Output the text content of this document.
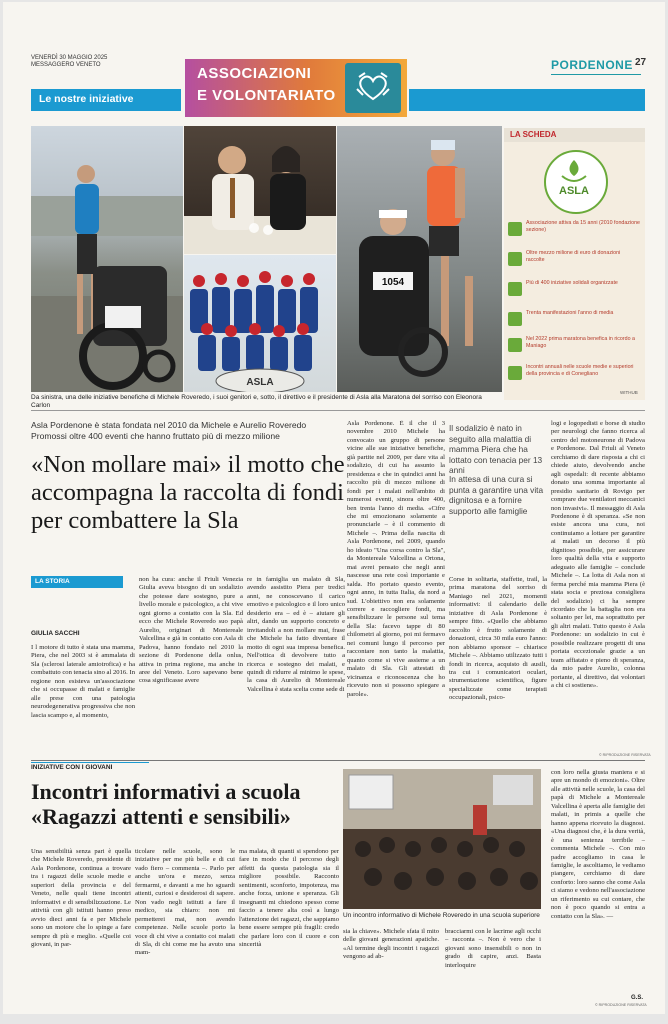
VENERDÌ 30 MAGGIO 2025
MESSAGGERO VENETO	ASSOCIAZIONI
E VOLONTARIATO
PORDENONE 27
Le nostre iniziative
ASLA
1054
LA SCHEDA
ASLA
Associazione attiva da 15 anni (2010 fondazione sezione)
Oltre mezzo milione di euro di donazioni raccolte
Più di 400 iniziative solidali organizzate
Trenta manifestazioni l'anno di media
Nel 2022 prima maratona benefica in ricordo a Maniago
Incontri annuali nelle scuole medie e superiori della provincia e di Conegliano
WITHUB
Da sinistra, una delle iniziative benefiche di Michele Roveredo, i suoi genitori e, sotto, il direttivo e il presidente di Asla alla Maratona del sorriso con Eleonora Carlon
Asla Pordenone è stata fondata nel 2010 da Michele e Aurelio Roveredo
Promossi oltre 400 eventi che hanno fruttato più di mezzo milione
«Non mollare mai» il motto che accompagna la raccolta di fondi per combattere la Sla
LA STORIA
GIULIA SACCHI
I l motore di tutto è stata una mamma, Piera, che nel 2003 si è ammalata di Sla (sclerosi laterale amiotrofica) e ha combattuto con tenacia sino al 2016. In regione non esisteva un'associazione che si occupasse di malati e famiglie alle prese con una patologia neurodegenerativa progressiva che non lascia scampo e, al momento,
non ha cura: anche il Friuli Venezia Giulia aveva bisogno di un sodalizio che potesse dare sostegno, pure a livello morale e psicologico, a chi vive ogni giorno a contatto con la Sla. Ed ecco che Michele Roveredo suo papà Aurelio, originari di Montereale Valcellina e già in contatto con Asla di Padova, hanno fondato nel 2010 la sezione di Pordenone della onlus, attiva in prima regione, ma anche in aree del Veneto. Loro sapevano bene cosa significasse avere
re in famiglia un malato di Sla, avendo assistito Piera per tredici anni, ne conoscevano il carico emotivo e psicologico e il loro unico desiderio era – ed è – aiutare gli altri, dando un supporto concreto e invitandoli a non mollare mai, frase che Michele ha fatto diventare il motto di ogni sua impresa benefica. Nell'ottica di devolvere tutto a ricerca e sostegno dei malati, e quindi di ridurre al minimo le spese, la casa di Aurelio di Montereale Valcellina è stata scelta come sede di
Asla Pordenone. È il che il 3 novembre 2010 Michele ha convocato un gruppo di persone vicine alle sue iniziative benefiche, già partite nel 2009, per dare vita al sodalizio, di cui ha assunto la presidenza e che in quindici anni ha raccolto più di mezzo milione di fondi per i malati nell'ambito di numerosi eventi, sinora oltre 400, ben trenta l'anno di media. «Cifre che mi emozionano solamente a pronunciarle – è il commento di Michele –. Prima della nascita di Asla Pordenone, nel 2009, quando ho ideato "Una corsa contro la Sla", da Montereale Valcellina a Ortona, mai avrei pensato che negli anni nascesse una rete così importante e salda. Ho portato questo evento, ogni anno, in tutta Italia, da nord a sud. L'obiettivo non era solamente correre e raccogliere fondi, ma sensibilizzare le persone sul tema della Sla: facevo tappe di 80 chilometri al giorno, poi mi fermavo nei comuni lungo il percorso per raccontare non tanto la malattia, quanto come si vive assieme a un malato di Sla. Gli attestati di vicinanza e riconoscenza che ho ricevuto non si possono spiegare a parole».
Il sodalizio è nato in seguito alla malattia di mamma Piera che ha lottato con tenacia per 13 anni
In attesa di una cura si punta a garantire una vita dignitosa e a fornire supporto alle famiglie
Corse in solitaria, staffette, trail, la prima maratona del sorriso di Maniago nel 2021, momenti informativi: il calendario delle iniziative di Asla Pordenone è sempre fitto. «Quello che abbiamo raccolto è frutto solamente di donazioni, circa 30 mila euro l'anno: non abbiamo sponsor – chiarisce Michele –. Abbiamo utilizzato tutti i fondi in ricerca, acquisto di ausili, tra cui i comunicatori oculari, strumentazione scientifica, figure specializzate come terapisti occupazionali, psico-
logi e logopedisti e borse di studio per neurologi che fanno ricerca al centro del motoneurone di Padova e Pordenone. Dal Friuli al Veneto cerchiamo di dare risposta a chi ci chiede aiuto, devolvendo anche agli ospedali: di recente abbiamo donato una somma importante al presidio sanitario di Rovigo per comprare due ventilatori meccanici non invasivi». Il messaggio di Asla Pordenone è di speranza. «Se non esiste ancora una cura, noi continuiamo a lottare per garantire ai malati un decorso il più dignitoso possibile, per assicurare loro qualità della vita e supporto adeguato alle famiglie – conclude Michele –. La lotta di Asla non si ferma perché mia mamma Piera (è stata socia e preziosa consigliera del sodalizio) ci ha sempre ricordato che la battaglia non era soltanto per lei, ma soprattutto per gli altri malati. Tutto questo è Asla Pordenone: un sodalizio in cui è possibile realizzare progetti di una portata eccezionale grazie a un team affiatato e pieno di speranza, da mio padre Aurelio, colonna portante, al direttivo, dai volontari a chi ci sostiene».
© RIPRODUZIONE RISERVATA
INIZIATIVE CON I GIOVANI
Incontri informativi a scuola «Ragazzi attenti e sensibili»
Una sensibilità senza pari è quella che Michele Roveredo, presidente di Asla Pordenone, continua a trovare tra i ragazzi delle scuole medie e superiori della provincia e del Veneto, nelle quali tiene incontri informativi e di sensibilizzazione. Le attività con gli istituti hanno preso avvio dieci anni fa e per Michele sono un motore che lo spinge a fare sempre di più e meglio. «Quelle coi giovani, in par-
ticolare nelle scuole, sono le iniziative per me più belle e di cui vado fiero – commenta –. Parlo per anche un'ora e mezzo, senza fermarmi, e davanti a me ho sguardi attenti, curiosi e desiderosi di sapere. Non vado negli istituti a fare il medico, sia chiaro: non mi permetterei mai, non avendo competenze. Nelle scuole porto la voce di chi vive a contatto coi malati di Sla, di chi come me ha avuto una mam-
ma malata, di quanti si spendono per fare in modo che il percorso degli affetti da questa patologia sia il migliore possibile. Racconto sentimenti, sconforto, impotenza, ma anche forza, unione e speranza. Gli insegnanti mi chiedono spesso come faccio a tenere alta così a lungo l'attenzione dei ragazzi, che sappiamo bene essere sempre più fragili: credo che parlare loro con il cuore e con sincerità
Un incontro informativo di Michele Roveredo in una scuola superiore
sia la chiave». Michele sfata il mito delle giovani generazioni apatiche. «Al termine degli incontri i ragazzi vengono ad ab-
bracciarmi con le lacrime agli occhi – racconta –. Non è vero che i giovani sono insensibili o non in grado di capire, anzi. Basta interloquire
con loro nella giusta maniera e si apre un mondo di emozioni». Oltre alle attività nelle scuole, la casa del papà di Michele a Montereale Valcellina è aperta alle famiglie dei malati, in primis a quelle che hanno appena ricevuto la diagnosi. «Una diagnosi che, è la dura verità, è una sentenza terribile – commenta Michele –. Con mio padre accogliamo in casa le famiglie, le ascoltiamo, le vediamo piangere, cerchiamo di dare conforto: loro sanno che come Asla ci siamo e vedono nell'associazione un riferimento su cui contare, che non è poco quando si entra a contatto con la Sla». —
G.S.
© RIPRODUZIONE RISERVATA
